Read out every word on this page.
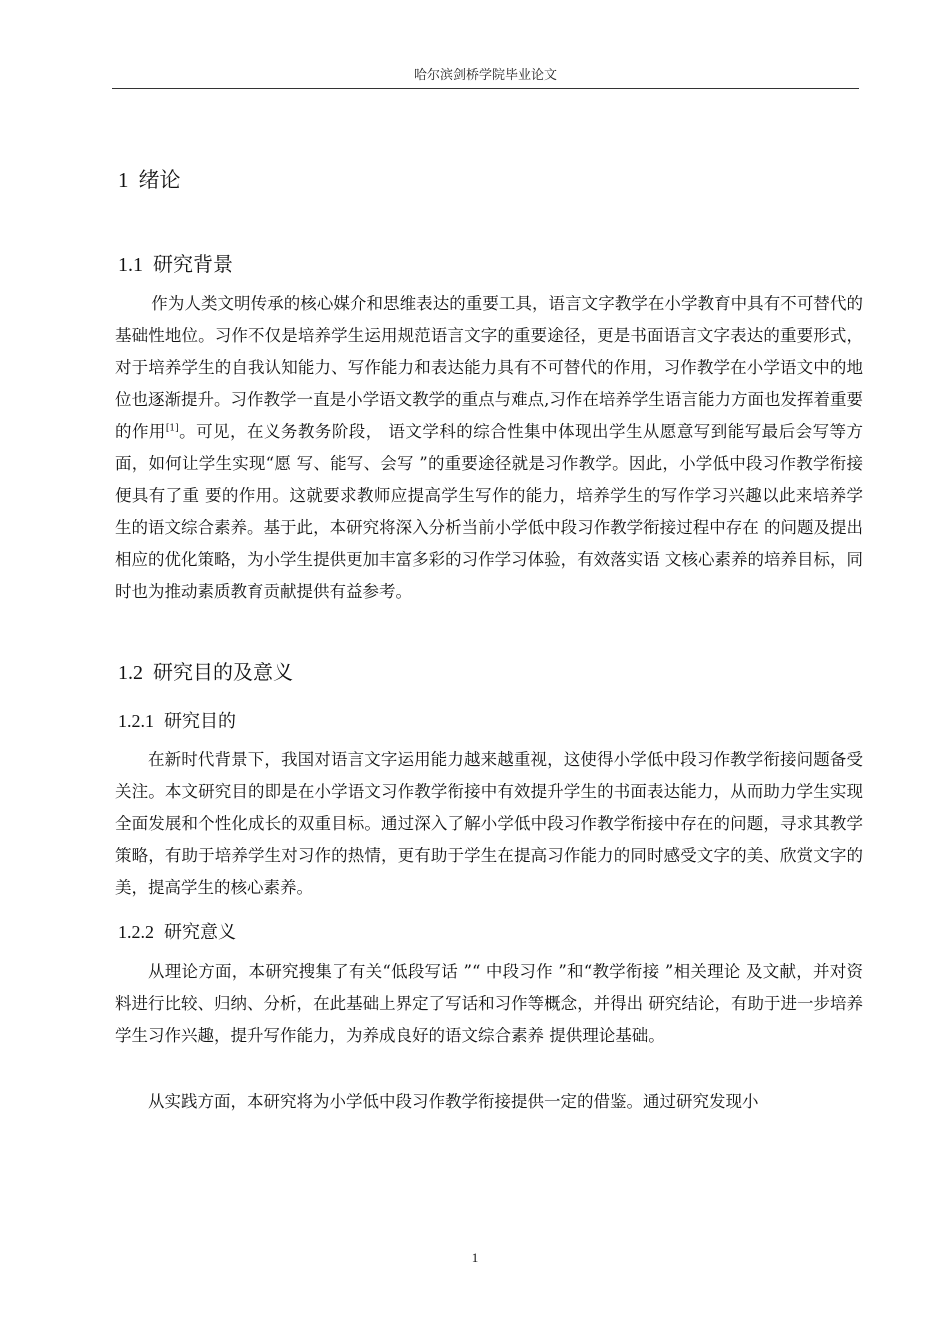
哈尔滨剑桥学院毕业论文
1 绪论
1.1 研究背景

作为人类文明传承的核心媒介和思维表达的重要工具，语言文字教学在小学教育中具有不可替代的基础性地位。习作不仅是培养学生运用规范语言文字的重要途径，更是书面语言文字表达的重要形式，对于培养学生的自我认知能力、写作能力和表达能力具有不可替代的作用，习作教学在小学语文中的地位也逐渐提升。习作教学一直是小学语文教学的重点与难点,习作在培养学生语言能力方面也发挥着重要的作用[1]。可见，在义务教务阶段， 语文学科的综合性集中体现出学生从愿意写到能写最后会写等方面，如何让学生实现“愿 写、能写、会写 ”的重要途径就是习作教学。因此，小学低中段习作教学衔接便具有了重 要的作用。这就要求教师应提高学生写作的能力，培养学生的写作学习兴趣以此来培养学 生的语文综合素养。基于此，本研究将深入分析当前小学低中段习作教学衔接过程中存在 的问题及提出相应的优化策略，为小学生提供更加丰富多彩的习作学习体验，有效落实语 文核心素养的培养目标，同时也为推动素质教育贡献提供有益参考。

1.2 研究目的及意义
1.2.1 研究目的

在新时代背景下，我国对语言文字运用能力越来越重视，这使得小学低中段习作教学衔接问题备受关注。本文研究目的即是在小学语文习作教学衔接中有效提升学生的书面表达能力，从而助力学生实现全面发展和个性化成长的双重目标。通过深入了解小学低中段习作教学衔接中存在的问题，寻求其教学策略，有助于培养学生对习作的热情，更有助于学生在提高习作能力的同时感受文字的美、欣赏文字的美，提高学生的核心素养。

1.2.2 研究意义

从理论方面，本研究搜集了有关“低段写话 ”“ 中段习作 ”和“教学衔接 ”相关理论 及文献，并对资料进行比较、归纳、分析，在此基础上界定了写话和习作等概念，并得出 研究结论，有助于进一步培养学生习作兴趣，提升写作能力，为养成良好的语文综合素养 提供理论基础。

从实践方面，本研究将为小学低中段习作教学衔接提供一定的借鉴。通过研究发现小

1
